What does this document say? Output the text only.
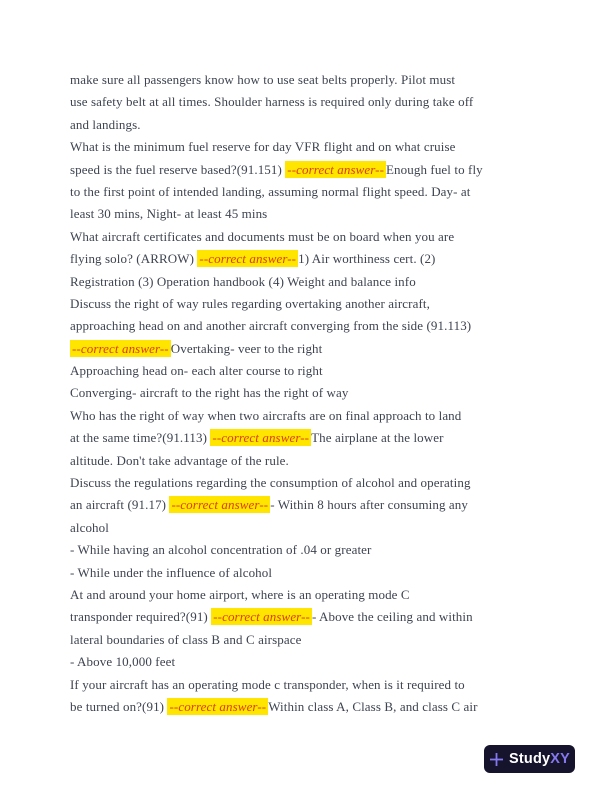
make sure all passengers know how to use seat belts properly. Pilot must
use safety belt at all times. Shoulder harness is required only during take off
and landings.
What is the minimum fuel reserve for day VFR flight and on what cruise
speed is the fuel reserve based?(91.151) --correct answer-- Enough fuel to fly
to the first point of intended landing, assuming normal flight speed. Day- at
least 30 mins, Night- at least 45 mins
What aircraft certificates and documents must be on board when you are
flying solo? (ARROW) --correct answer-- 1) Air worthiness cert. (2)
Registration (3) Operation handbook (4) Weight and balance info
Discuss the right of way rules regarding overtaking another aircraft,
approaching head on and another aircraft converging from the side (91.113)
--correct answer-- Overtaking- veer to the right
Approaching head on- each alter course to right
Converging- aircraft to the right has the right of way
Who has the right of way when two aircrafts are on final approach to land
at the same time?(91.113) --correct answer-- The airplane at the lower
altitude. Don't take advantage of the rule.
Discuss the regulations regarding the consumption of alcohol and operating
an aircraft (91.17) --correct answer-- - Within 8 hours after consuming any
alcohol
- While having an alcohol concentration of .04 or greater
- While under the influence of alcohol
At and around your home airport, where is an operating mode C
transponder required?(91) --correct answer-- - Above the ceiling and within
lateral boundaries of class B and C airspace
- Above 10,000 feet
If your aircraft has an operating mode c transponder, when is it required to
be turned on?(91) --correct answer-- Within class A, Class B, and class C air
StudyXY
